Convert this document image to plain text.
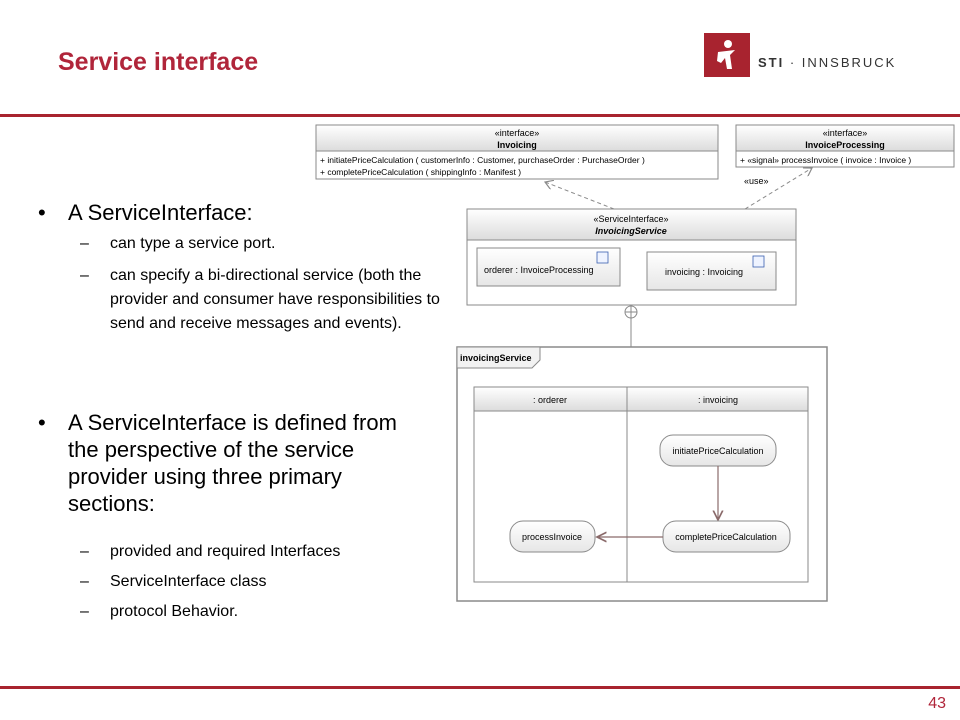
Service interface	STI · INNSBRUCK
• A ServiceInterface:
– can type a service port.
– can specify a bi-directional service (both the provider and consumer have responsibilities to send and receive messages and events).
• A ServiceInterface is defined from the perspective of the service provider using three primary sections:
– provided and required Interfaces
– ServiceInterface class
– protocol Behavior.
«interface»
Invoicing
+ initiatePriceCalculation ( customerInfo : Customer, purchaseOrder : PurchaseOrder )
+ completePriceCalculation ( shippingInfo : Manifest )
«interface»
InvoiceProcessing
+ «signal» processInvoice ( invoice : Invoice )
«use»
«ServiceInterface»
InvoicingService
orderer : InvoiceProcessing	invoicing : Invoicing
invoicingService
: orderer	: invoicing
initiatePriceCalculation
completePriceCalculation
processInvoice
43
